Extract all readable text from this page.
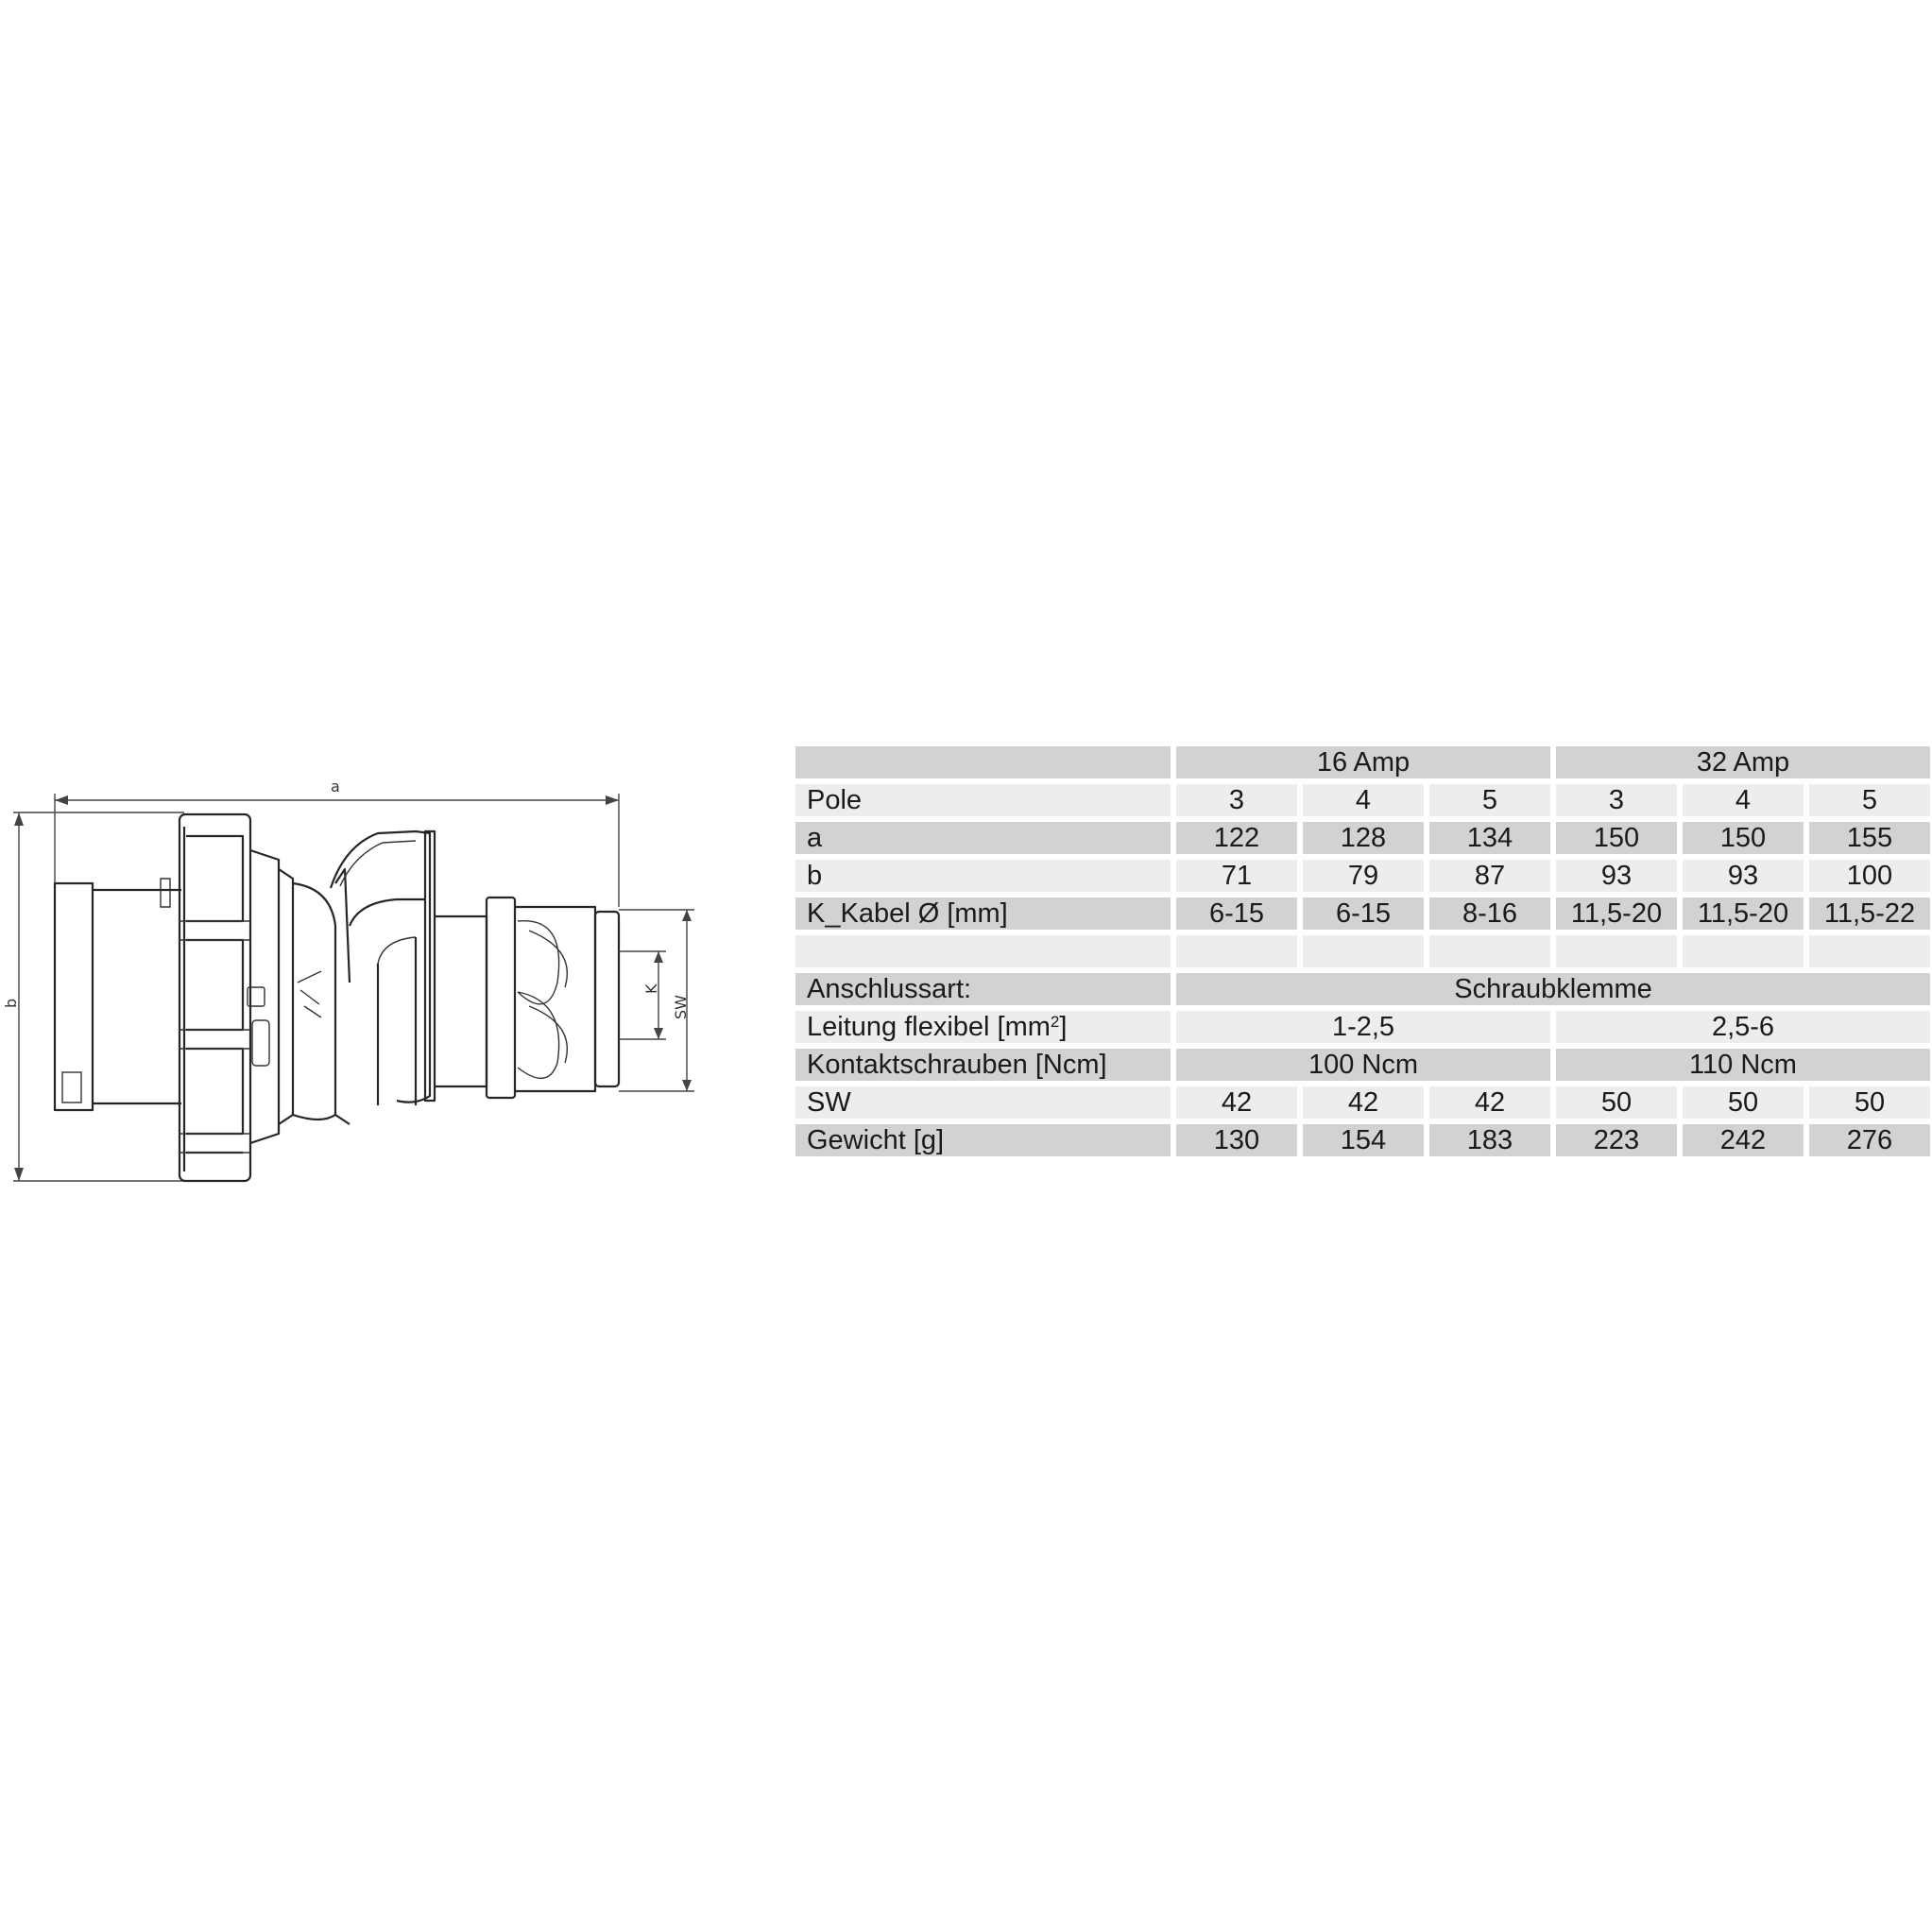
a
b
K
SW
	16 Amp			32 Amp		
Pole	3	4	5	3	4	5
a	122	128	134	150	150	155
b	71	79	87	93	93	100
K_Kabel Ø [mm]	6-15	6-15	8-16	11,5-20	11,5-20	11,5-22

Anschlussart:	Schraubklemme					
Leitung flexibel $[mm^2]$	1-2,5			2,5-6		
Kontaktschrauben [Ncm]	100 Ncm			110 Ncm		
SW	42	42	42	50	50	50
Gewicht [g]	130	154	183	223	242	276
